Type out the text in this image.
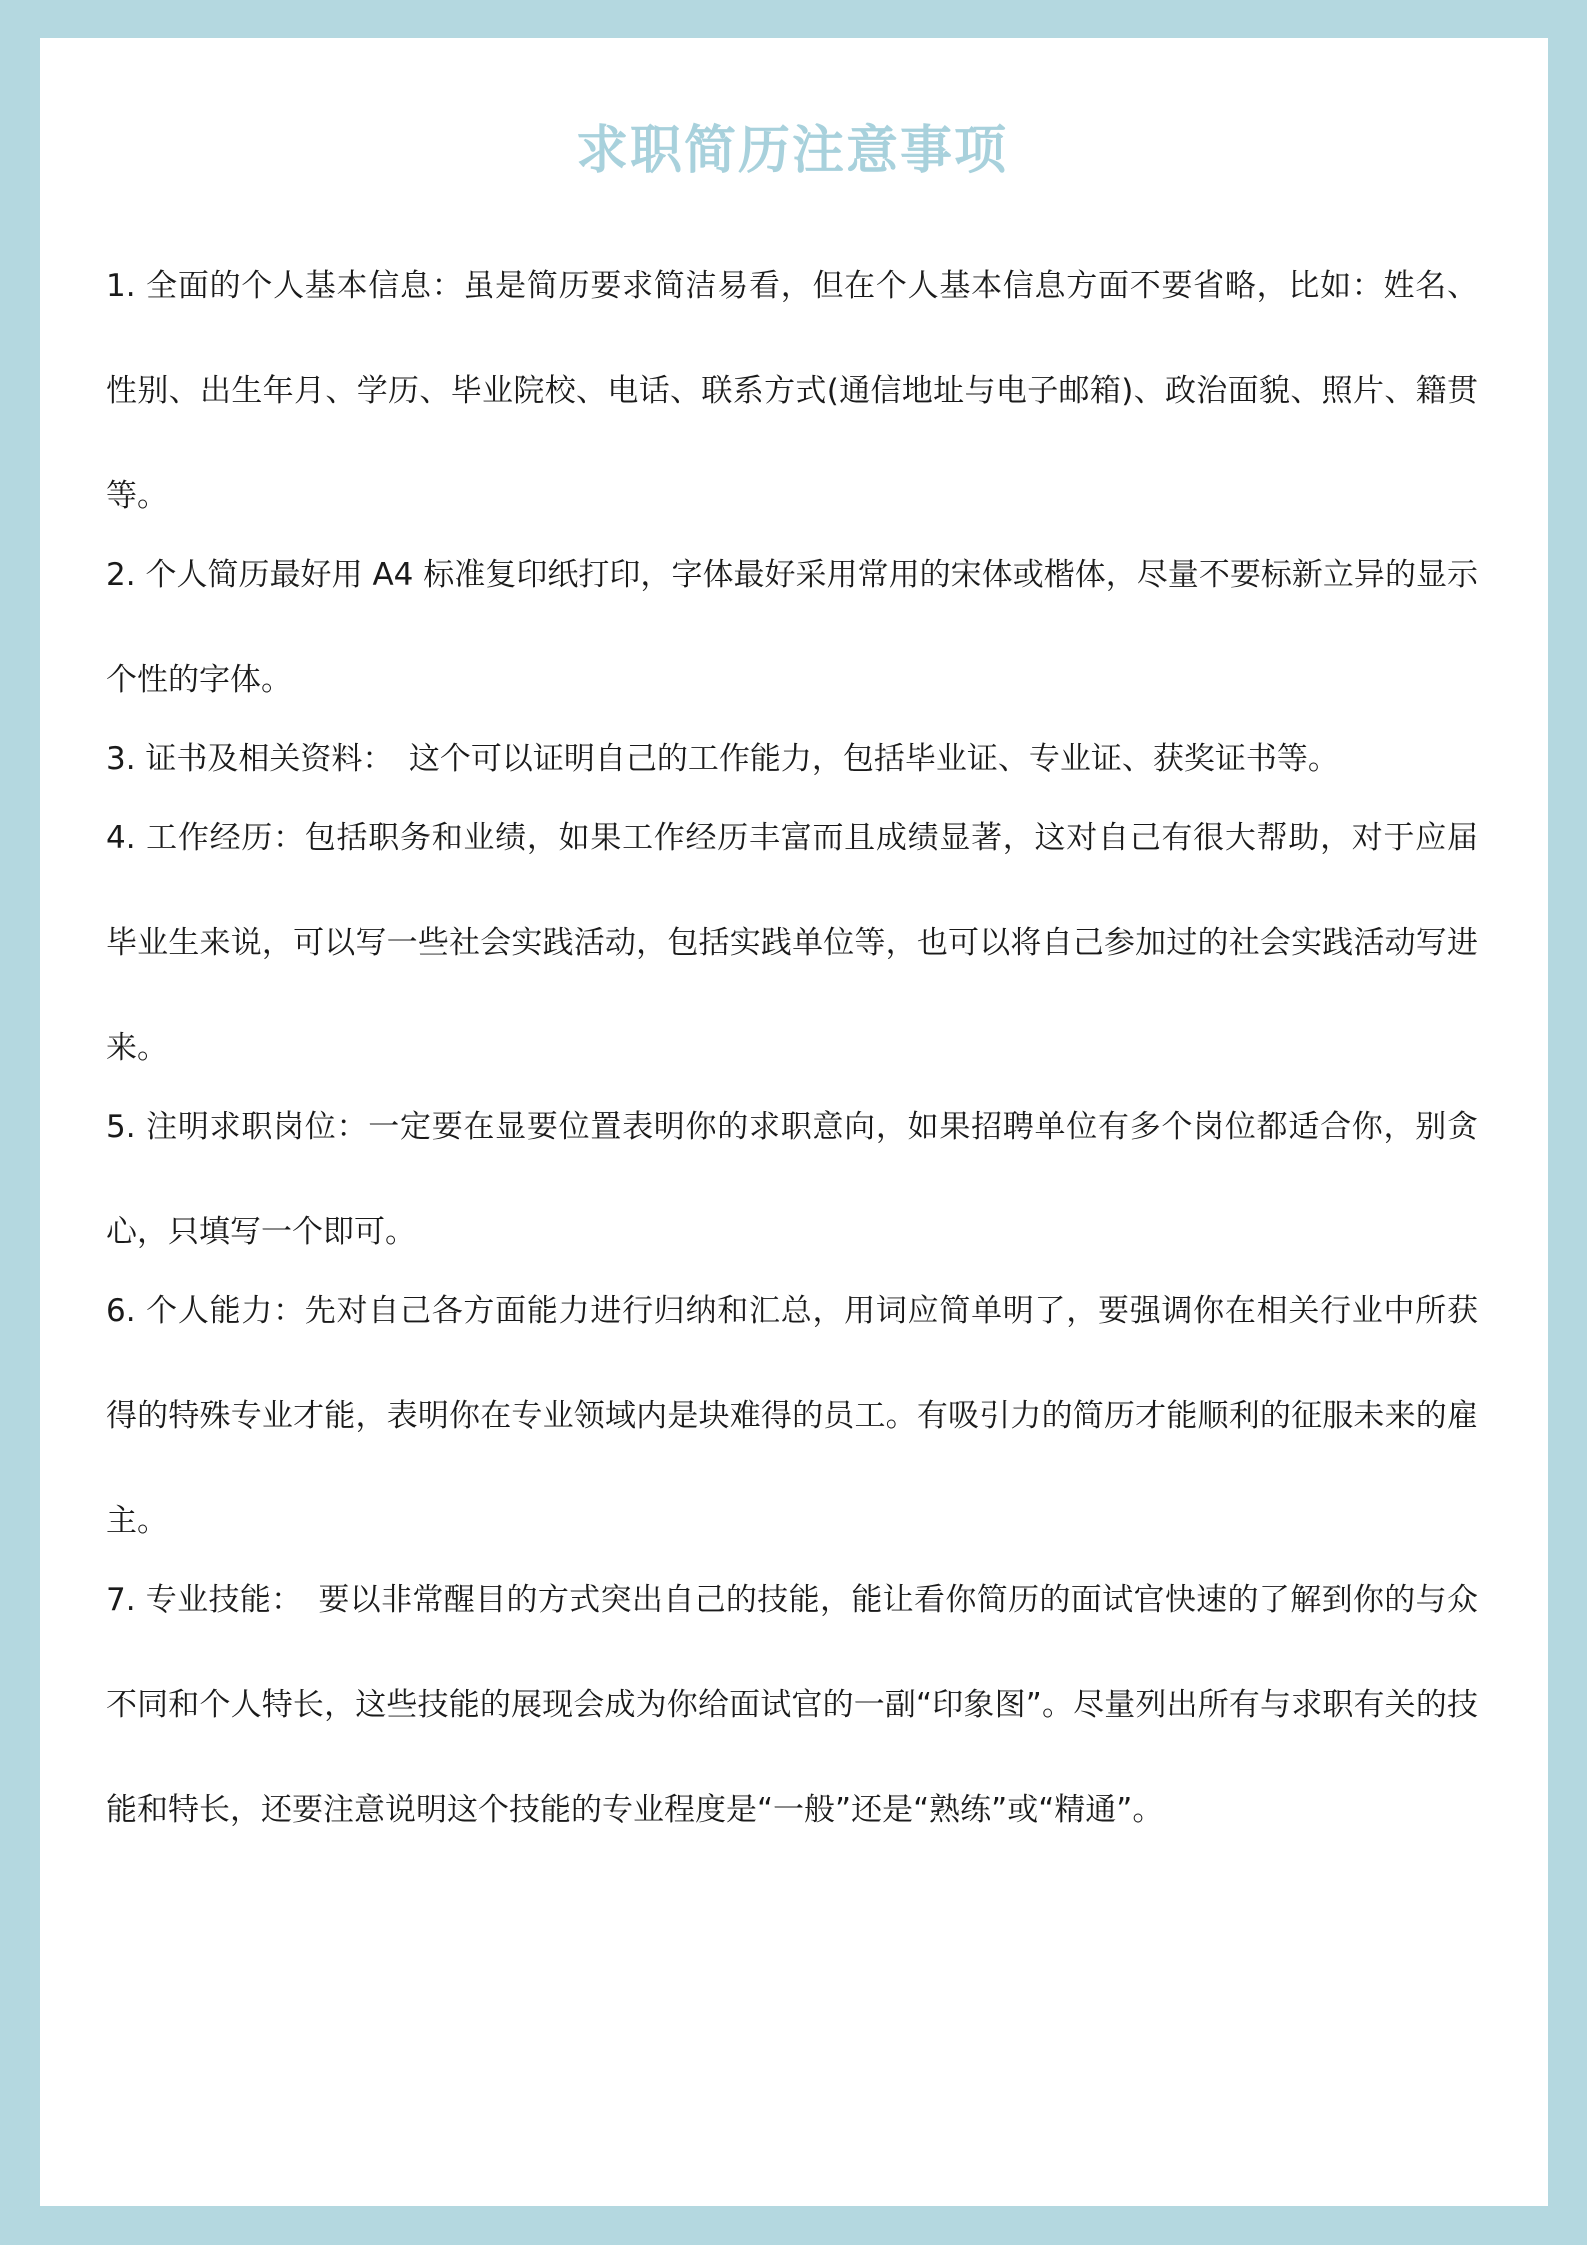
求职简历注意事项

1. 全面的个人基本信息：虽是简历要求简洁易看，但在个人基本信息方面不要省略，比如：姓名、性别、出生年月、学历、毕业院校、电话、联系方式(通信地址与电子邮箱)、政治面貌、照片、籍贯等。

2. 个人简历最好用 A4 标准复印纸打印，字体最好采用常用的宋体或楷体，尽量不要标新立异的显示个性的字体。

3. 证书及相关资料：　这个可以证明自己的工作能力，包括毕业证、专业证、获奖证书等。

4. 工作经历：包括职务和业绩，如果工作经历丰富而且成绩显著，这对自己有很大帮助，对于应届毕业生来说，可以写一些社会实践活动，包括实践单位等，也可以将自己参加过的社会实践活动写进来。

5. 注明求职岗位：一定要在显要位置表明你的求职意向，如果招聘单位有多个岗位都适合你，别贪心，只填写一个即可。

6. 个人能力：先对自己各方面能力进行归纳和汇总，用词应简单明了，要强调你在相关行业中所获得的特殊专业才能，表明你在专业领域内是块难得的员工。有吸引力的简历才能顺利的征服未来的雇主。

7. 专业技能：　要以非常醒目的方式突出自己的技能，能让看你简历的面试官快速的了解到你的与众不同和个人特长，这些技能的展现会成为你给面试官的一副“印象图”。尽量列出所有与求职有关的技能和特长，还要注意说明这个技能的专业程度是“一般”还是“熟练”或“精通”。
